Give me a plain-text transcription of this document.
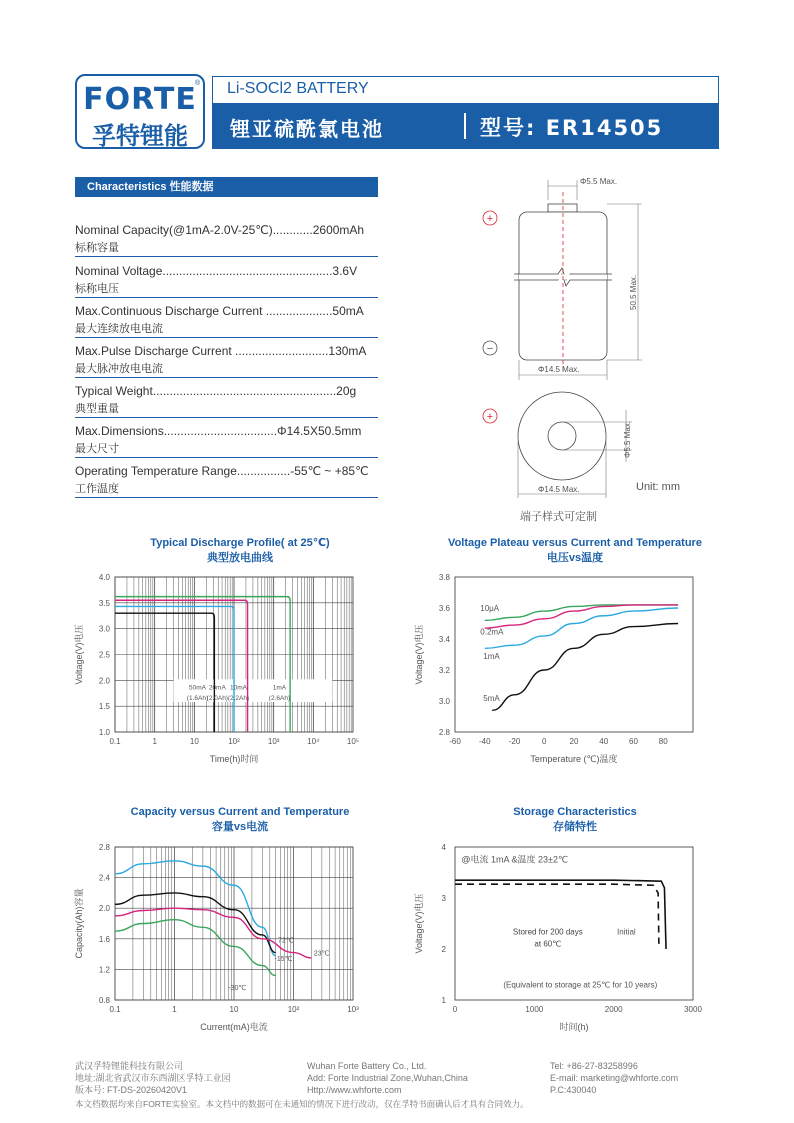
FORTE
®
孚特锂能
Li-SOCl2 BATTERY
锂亚硫酰氯电池	型号: ER14505
Characteristics 性能数据
Nominal Capacity(@1mA-2.0V-25℃)............2600mAh
标称容量
Nominal Voltage...................................................3.6V
标称电压
Max.Continuous Discharge Current ....................50mA
最大连续放电电流
Max.Pulse Discharge Current ............................130mA
最大脉冲放电电流
Typical Weight.......................................................20g
典型重量
Max.Dimensions..................................Φ14.5X50.5mm
最大尺寸
Operating Temperature Range................-55℃ ~ +85℃
工作温度
Φ5.5 Max.
50.5 Max.
Φ14.5 Max.
+
−
+
Φ5.5 Max.
Φ14.5 Max.	Unit: mm
端子样式可定制
Typical Discharge Profile( at 25℃)
典型放电曲线
0.1	1	10	10²	10³	10⁴	10⁵
1.0
1.5
2.0
2.5
3.0
3.5
4.0
Time(h)时间
Voltage(V)电压
50mA
(1.6Ah)
20mA
(2.0Ah)
10mA
(2.2Ah)
1mA
(2.6Ah)
Voltage Plateau versus Current and Temperature
电压vs温度
-60 -40 -20	0	20	40	60	80
2.8
3.0
3.2
3.4
3.6
3.8
Temperature (℃)温度
Voltage(V)电压
10μA
0.2mA
1mA
5mA
Capacity versus Current and Temperature
容量vs电流
0.1	1	10	10²	10³
0.8
1.2
1.6
2.0
2.4
2.8
Current(mA)电流
Capacity(Ah)容量	72℃
23℃
-15℃
-30℃
Storage Characteristics
存储特性
0	1000	2000	3000
1
2
3
4
时间(h)
Voltage(V)电压
@电流 1mA &温度 23±2℃
Stored for 200 days
at 60℃
Initial
(Equivalent to storage at 25℃ for 10 years)
武汉孚特锂能科技有限公司
地址:湖北省武汉市东西湖区孚特工业园
版本号: FT-DS-20260420V1
Wuhan Forte Battery Co., Ltd.
Add: Forte Industrial Zone,Wuhan,China
Http://www.whforte.com
Tel: +86-27-83258996
E-mail: marketing@whforte.com
P.C:430040
本文档数据均来自FORTE实验室。本文档中的数据可在未通知的情况下进行改动，仅在孚特书面确认后才具有合同效力。
